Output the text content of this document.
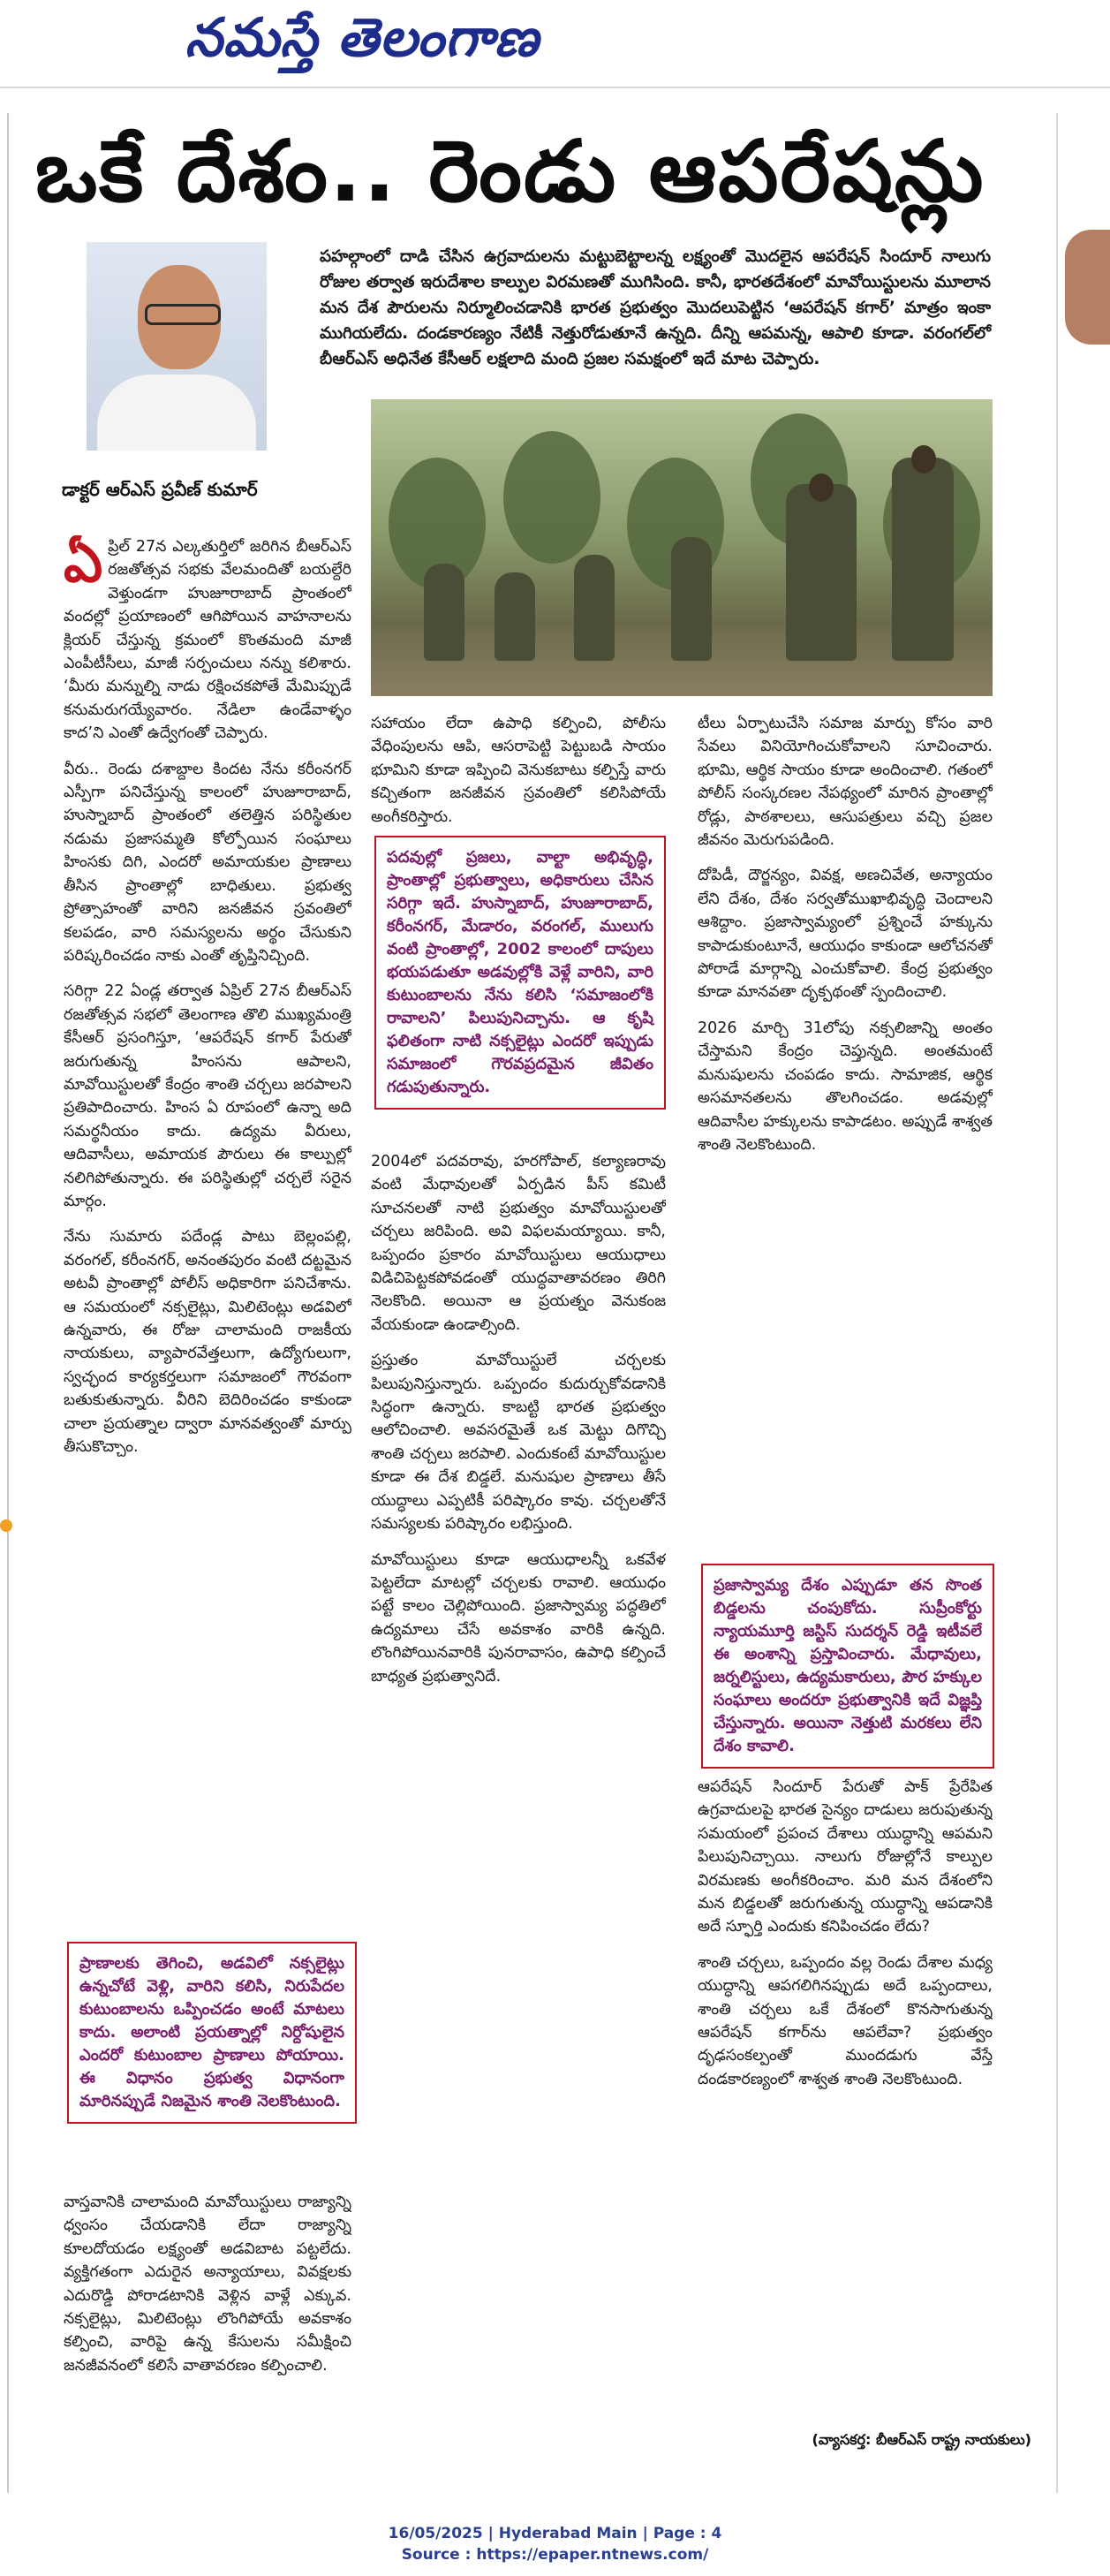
నమస్తే తెలంగాణ
ఒకే దేశం.. రెండు ఆపరేషన్లు
డాక్టర్ ఆర్ఎస్ ప్రవీణ్ కుమార్
పహల్గాంలో దాడి చేసిన ఉగ్రవాదులను మట్టుబెట్టాలన్న లక్ష్యంతో మొదలైన ఆపరేషన్ సిందూర్ నాలుగు రోజుల తర్వాత ఇరుదేశాల కాల్పుల విరమణతో ముగిసింది. కానీ, భారతదేశంలో మావోయిస్టులను మూలాన మన దేశ పౌరులను నిర్మూలించడానికి భారత ప్రభుత్వం మొదలుపెట్టిన ‘ఆపరేషన్ కగార్’ మాత్రం ఇంకా ముగియలేదు. దండకారణ్యం నేటికీ నెత్తురోడుతూనే ఉన్నది. దీన్ని ఆపమన్న, ఆపాలి కూడా. వరంగల్‌లో బీఆర్ఎస్ అధినేత కేసీఆర్ లక్షలాది మంది ప్రజల సమక్షంలో ఇదే మాట చెప్పారు.

ఏప్రిల్ 27న ఎల్కతుర్తిలో జరిగిన బీఆర్ఎస్ రజతోత్సవ సభకు వేలమందితో బయల్దేరి వెళ్తుండగా హుజూరాబాద్ ప్రాంతంలో వందల్లో ప్రయాణంలో ఆగిపోయిన వాహనాలను క్లియర్ చేస్తున్న క్రమంలో కొంతమంది మాజీ ఎంపీటీసీలు, మాజీ సర్పంచులు నన్ను కలిశారు. ‘మీరు మన్నుల్ని నాడు రక్షించకపోతే మేమిప్పుడే కనుమరుగయ్యేవారం. నేడిలా ఉండేవాళ్ళం కాద’ని ఎంతో ఉద్వేగంతో చెప్పారు.

వీరు.. రెండు దశాబ్దాల కిందట నేను కరీంనగర్ ఎస్పీగా పనిచేస్తున్న కాలంలో హుజూరాబాద్, హుస్నాబాద్ ప్రాంతంలో తలెత్తిన పరిస్థితుల నడుమ ప్రజాసమ్మతి కోల్పోయిన సంఘాలు హింసకు దిగి, ఎందరో అమాయకుల ప్రాణాలు తీసిన ప్రాంతాల్లో బాధితులు. ప్రభుత్వ ప్రోత్సాహంతో వారిని జనజీవన స్రవంతిలో కలపడం, వారి సమస్యలను అర్థం చేసుకుని పరిష్కరించడం నాకు ఎంతో తృప్తినిచ్చింది.

సరిగ్గా 22 ఏండ్ల తర్వాత ఏప్రిల్ 27న బీఆర్ఎస్ రజతోత్సవ సభలో తెలంగాణ తొలి ముఖ్యమంత్రి కేసీఆర్ ప్రసంగిస్తూ, ‘ఆపరేషన్ కగార్ పేరుతో జరుగుతున్న హింసను ఆపాలని, మావోయిస్టులతో కేంద్రం శాంతి చర్చలు జరపాలని ప్రతిపాదించారు. హింస ఏ రూపంలో ఉన్నా అది సమర్థనీయం కాదు. ఉద్యమ వీరులు, ఆదివాసీలు, అమాయక పౌరులు ఈ కాల్పుల్లో నలిగిపోతున్నారు. ఈ పరిస్థితుల్లో చర్చలే సరైన మార్గం.

నేను సుమారు పదేండ్ల పాటు బెల్లంపల్లి, వరంగల్, కరీంనగర్, అనంతపురం వంటి దట్టమైన అటవీ ప్రాంతాల్లో పోలీస్ అధికారిగా పనిచేశాను. ఆ సమయంలో నక్సలైట్లు, మిలిటెంట్లు అడవిలో ఉన్నవారు, ఈ రోజు చాలామంది రాజకీయ నాయకులు, వ్యాపారవేత్తలుగా, ఉద్యోగులుగా, స్వచ్ఛంద కార్యకర్తలుగా సమాజంలో గౌరవంగా బతుకుతున్నారు. వీరిని బెదిరించడం కాకుండా చాలా ప్రయత్నాల ద్వారా మానవత్వంతో మార్పు తీసుకొచ్చాం.

ప్రాణాలకు తెగించి, అడవిలో నక్సలైట్లు ఉన్నచోటే వెళ్లి, వారిని కలిసి, నిరుపేదల కుటుంబాలను ఒప్పించడం అంటే మాటలు కాదు. అలాంటి ప్రయత్నాల్లో నిర్దోషులైన ఎందరో కుటుంబాల ప్రాణాలు పోయాయి. ఈ విధానం ప్రభుత్వ విధానంగా మారినప్పుడే నిజమైన శాంతి నెలకొంటుంది.

వాస్తవానికి చాలామంది మావోయిస్టులు రాజ్యాన్ని ధ్వంసం చేయడానికి లేదా రాజ్యాన్ని కూలదోయడం లక్ష్యంతో అడవిబాట పట్టలేదు. వ్యక్తిగతంగా ఎదురైన అన్యాయాలు, వివక్షలకు ఎదురొడ్డి పోరాడటానికి వెళ్లిన వాళ్లే ఎక్కువ. నక్సలైట్లు, మిలిటెంట్లు లొంగిపోయే అవకాశం కల్పించి, వారిపై ఉన్న కేసులను సమీక్షించి జనజీవనంలో కలిసే వాతావరణం కల్పించాలి.

సహాయం లేదా ఉపాధి కల్పించి, పోలీసు వేధింపులను ఆపి, ఆసరాపెట్టి పెట్టుబడి సాయం భూమిని కూడా ఇప్పించి వెనుకబాటు కల్పిస్తే వారు కచ్చితంగా జనజీవన స్రవంతిలో కలిసిపోయే అంగీకరిస్తారు.

పదవుల్లో ప్రజలు, వాల్టా అభివృద్ధి, ప్రాంతాల్లో ప్రభుత్వాలు, అధికారులు చేసిన సరిగ్గా ఇదే. హుస్నాబాద్, హుజూరాబాద్, కరీంనగర్, మేడారం, వరంగల్, ములుగు వంటి ప్రాంతాల్లో, 2002 కాలంలో దాపులు భయపడుతూ అడవుల్లోకి వెళ్లే వారిని, వారి కుటుంబాలను నేను కలిసి ‘సమాజంలోకి రావాలని’ పిలుపునిచ్చాను. ఆ కృషి ఫలితంగా నాటి నక్సలైట్లు ఎందరో ఇప్పుడు సమాజంలో గౌరవప్రదమైన జీవితం గడుపుతున్నారు.

2004లో పదవరావు, హరగోపాల్, కల్యాణరావు వంటి మేధావులతో ఏర్పడిన పీస్ కమిటీ సూచనలతో నాటి ప్రభుత్వం మావోయిస్టులతో చర్చలు జరిపింది. అవి విఫలమయ్యాయి. కానీ, ఒప్పందం ప్రకారం మావోయిస్టులు ఆయుధాలు విడిచిపెట్టకపోవడంతో యుద్ధవాతావరణం తిరిగి నెలకొంది. అయినా ఆ ప్రయత్నం వెనుకంజ వేయకుండా ఉండాల్సింది.

ప్రస్తుతం మావోయిస్టులే చర్చలకు పిలుపునిస్తున్నారు. ఒప్పందం కుదుర్చుకోవడానికి సిద్ధంగా ఉన్నారు. కాబట్టి భారత ప్రభుత్వం ఆలోచించాలి. అవసరమైతే ఒక మెట్టు దిగొచ్చి శాంతి చర్చలు జరపాలి. ఎందుకంటే మావోయిస్టుల కూడా ఈ దేశ బిడ్డలే. మనుషుల ప్రాణాలు తీసే యుద్ధాలు ఎప్పటికీ పరిష్కారం కావు. చర్చలతోనే సమస్యలకు పరిష్కారం లభిస్తుంది.

మావోయిస్టులు కూడా ఆయుధాలన్నీ ఒకవేళ పెట్టలేదా మాటల్లో చర్చలకు రావాలి. ఆయుధం పట్టే కాలం చెల్లిపోయింది. ప్రజాస్వామ్య పద్ధతిలో ఉద్యమాలు చేసే అవకాశం వారికి ఉన్నది. లొంగిపోయినవారికి పునరావాసం, ఉపాధి కల్పించే బాధ్యత ప్రభుత్వానిదే.

టీలు ఏర్పాటుచేసి సమాజ మార్పు కోసం వారి సేవలు వినియోగించుకోవాలని సూచించారు. భూమి, ఆర్థిక సాయం కూడా అందించాలి. గతంలో పోలీస్ సంస్కరణల నేపథ్యంలో మారిన ప్రాంతాల్లో రోడ్లు, పాఠశాలలు, ఆసుపత్రులు వచ్చి ప్రజల జీవనం మెరుగుపడింది.

దోపిడీ, దౌర్జన్యం, వివక్ష, అణచివేత, అన్యాయం లేని దేశం, దేశం సర్వతోముఖాభివృద్ధి చెందాలని ఆశిద్దాం. ప్రజాస్వామ్యంలో ప్రశ్నించే హక్కును కాపాడుకుంటూనే, ఆయుధం కాకుండా ఆలోచనతో పోరాడే మార్గాన్ని ఎంచుకోవాలి. కేంద్ర ప్రభుత్వం కూడా మానవతా దృక్పథంతో స్పందించాలి.

2026 మార్చి 31లోపు నక్సలిజాన్ని అంతం చేస్తామని కేంద్రం చెప్తున్నది. అంతమంటే మనుషులను చంపడం కాదు. సామాజిక, ఆర్థిక అసమానతలను తొలగించడం. అడవుల్లో ఆదివాసీల హక్కులను కాపాడటం. అప్పుడే శాశ్వత శాంతి నెలకొంటుంది.

ప్రజాస్వామ్య దేశం ఎప్పుడూ తన సొంత బిడ్డలను చంపుకోదు. సుప్రీంకోర్టు న్యాయమూర్తి జస్టిస్ సుదర్శన్ రెడ్డి ఇటీవలే ఈ అంశాన్ని ప్రస్తావించారు. మేధావులు, జర్నలిస్టులు, ఉద్యమకారులు, పౌర హక్కుల సంఘాలు అందరూ ప్రభుత్వానికి ఇదే విజ్ఞప్తి చేస్తున్నారు. అయినా నెత్తుటి మరకలు లేని దేశం కావాలి.

ఆపరేషన్ సిందూర్ పేరుతో పాక్ ప్రేరేపిత ఉగ్రవాదులపై భారత సైన్యం దాడులు జరుపుతున్న సమయంలో ప్రపంచ దేశాలు యుద్ధాన్ని ఆపమని పిలుపునిచ్చాయి. నాలుగు రోజుల్లోనే కాల్పుల విరమణకు అంగీకరించాం. మరి మన దేశంలోని మన బిడ్డలతో జరుగుతున్న యుద్ధాన్ని ఆపడానికి అదే స్ఫూర్తి ఎందుకు కనిపించడం లేదు?

శాంతి చర్చలు, ఒప్పందం వల్ల రెండు దేశాల మధ్య యుద్ధాన్ని ఆపగలిగినప్పుడు అదే ఒప్పందాలు, శాంతి చర్చలు ఒకే దేశంలో కొనసాగుతున్న ఆపరేషన్ కగార్‌ను ఆపలేవా? ప్రభుత్వం దృఢసంకల్పంతో ముందడుగు వేస్తే దండకారణ్యంలో శాశ్వత శాంతి నెలకొంటుంది.

(వ్యాసకర్త: బీఆర్ఎస్ రాష్ట్ర నాయకులు)
16/05/2025 | Hyderabad Main | Page : 4
Source : https://epaper.ntnews.com/
